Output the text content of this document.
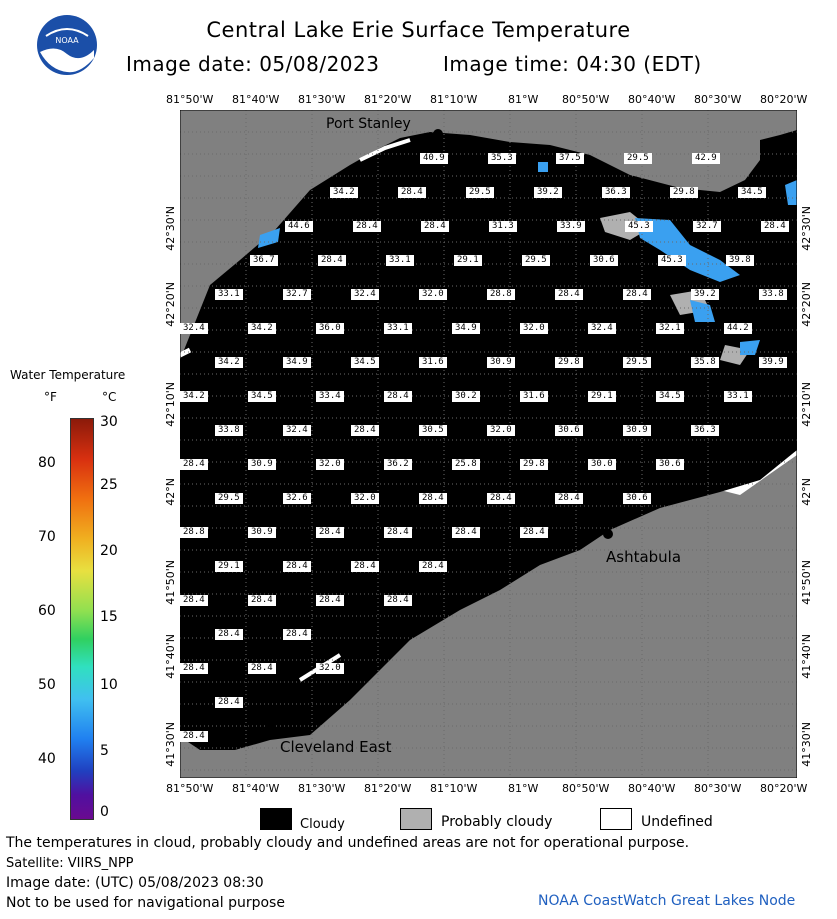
NOAA	Central Lake Erie Surface Temperature
Image date: 05/08/2023	Image time: 04:30 (EDT)
81°50'W 81°40'W 81°30'W 81°20'W 81°10'W	81°W 80°50'W 80°40'W 80°30'W 80°20'W
81°50'W 81°40'W 81°30'W 81°20'W 81°10'W	81°W 80°50'W 80°40'W 80°30'W 80°20'W
42°30'N
42°20'N
42°10'N
42°N
41°50'N
41°40'N
41°30'N
42°30'N
42°20'N
42°10'N
42°N
41°50'N
41°40'N
41°30'N
Port Stanley
Ashtabula
Cleveland East
40.9	35.3	37.5	29.5	42.9
34.2	28.4	29.5	39.2	36.3	29.8	34.5
44.6	28.4	28.4	31.3	33.9	45.3	32.7	28.4
36.7	28.4	33.1	29.1	29.5	30.6	45.3	39.8
33.1	32.7	32.4	32.0	28.8	28.4	28.4	39.2	33.8
32.4	34.2	36.0	33.1	34.9	32.0	32.4	32.1	44.2
34.2	34.9	34.5	31.6	30.9	29.8	29.5	35.8	39.9
34.2	34.5	33.4	28.4	30.2	31.6	29.1	34.5	33.1
33.8	32.4	28.4	30.5	32.0	30.6	30.9	36.3
28.4	30.9	32.0	36.2	25.8	29.8	30.0	30.6
29.5	32.6	32.0	28.4	28.4	28.4	30.6
28.8	30.9	28.4	28.4	28.4	28.4
29.1	28.4	28.4	28.4
28.4	28.4	28.4	28.4
28.4	28.4
28.4	28.4	32.0
28.4
28.4
Water Temperature
°F	°C
80
70
60
50
40
30
25
20
15
10
5
0
Cloudy	Probably cloudy	Undefined
The temperatures in cloud, probably cloudy and undefined areas are not for operational purpose.
Satellite: VIIRS_NPP
Image date: (UTC) 05/08/2023 08:30
Not to be used for navigational purpose	NOAA CoastWatch Great Lakes Node
